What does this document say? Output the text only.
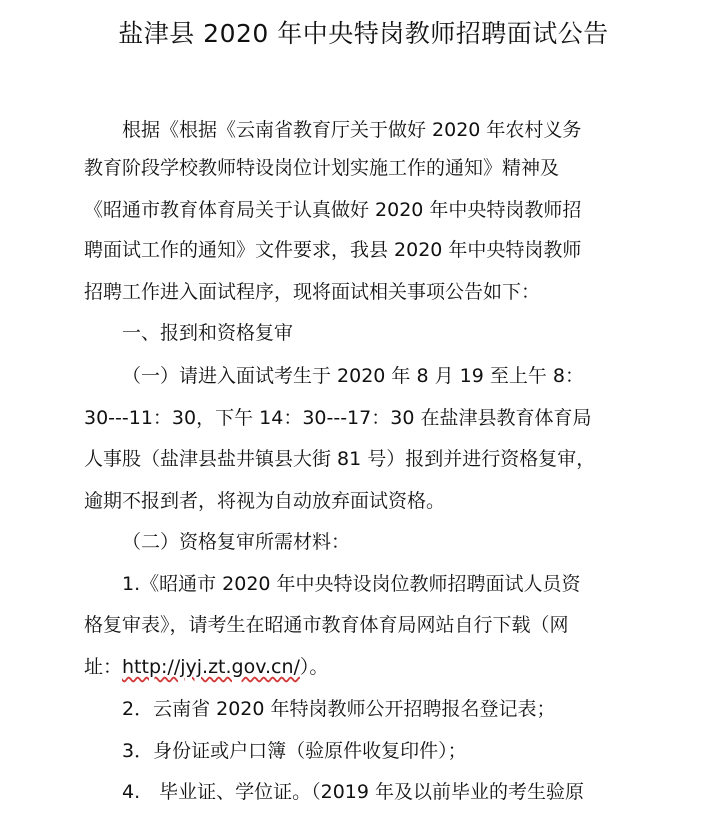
盐津县 2020 年中央特岗教师招聘面试公告
根据《根据《云南省教育厅关于做好 2020 年农村义务
教育阶段学校教师特设岗位计划实施工作的通知》精神及
《昭通市教育体育局关于认真做好 2020 年中央特岗教师招
聘面试工作的通知》文件要求，我县 2020 年中央特岗教师
招聘工作进入面试程序，现将面试相关事项公告如下：
一、报到和资格复审
（一）请进入面试考生于 2020 年 8 月 19 至上午 8：
30---11：30，下午 14：30---17：30 在盐津县教育体育局
人事股（盐津县盐井镇县大街 81 号）报到并进行资格复审，
逾期不报到者，将视为自动放弃面试资格。
（二）资格复审所需材料：
1.《昭通市 2020 年中央特设岗位教师招聘面试人员资
格复审表》，请考生在昭通市教育体育局网站自行下载（网
址：http://jyj.zt.gov.cn/）。
2．云南省 2020 年特岗教师公开招聘报名登记表；
3．身份证或户口簿（验原件收复印件）；
4.　毕业证、学位证。（2019 年及以前毕业的考生验原
